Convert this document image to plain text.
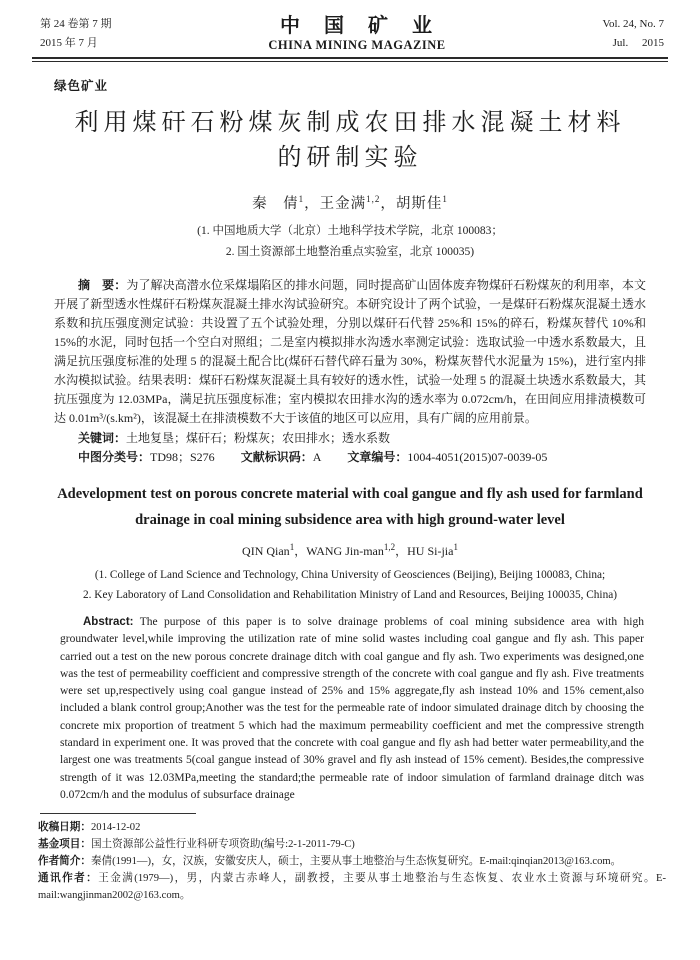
第 24 卷第 7 期
2015 年 7 月
中　国　矿　业
CHINA MINING MAGAZINE
Vol. 24, No. 7
Jul.　 2015
绿色矿业
利用煤矸石粉煤灰制成农田排水混凝土材料
的研制实验
秦　倩$^1$，王金满$^{1,2}$，胡斯佳$^1$
(1. 中国地质大学（北京）土地科学技术学院，北京 100083；
2. 国土资源部土地整治重点实验室，北京 100035)

摘　要：为了解决高潜水位采煤塌陷区的排水问题，同时提高矿山固体废弃物煤矸石粉煤灰的利用率，本文开展了新型透水性煤矸石粉煤灰混凝土排水沟试验研究。本研究设计了两个试验，一是煤矸石粉煤灰混凝土透水系数和抗压强度测定试验：共设置了五个试验处理，分别以煤矸石代替 25%和 15%的碎石，粉煤灰替代 10%和 15%的水泥，同时包括一个空白对照组；二是室内模拟排水沟透水率测定试验：选取试验一中透水系数最大，且满足抗压强度标准的处理 5 的混凝土配合比(煤矸石替代碎石量为 30%，粉煤灰替代水泥量为 15%)，进行室内排水沟模拟试验。结果表明：煤矸石粉煤灰混凝土具有较好的透水性，试验一处理 5 的混凝土块透水系数最大，其抗压强度为 12.03MPa，满足抗压强度标准；室内模拟农田排水沟的透水率为 0.072cm/h，在田间应用排渍模数可达 0.01m³/(s.km²)，该混凝土在排渍模数不大于该值的地区可以应用，具有广阔的应用前景。

关键词：土地复垦；煤矸石；粉煤灰；农田排水；透水系数
中图分类号：TD98；S276 文献标识码：A 文章编号：1004-4051(2015)07-0039-05
Adevelopment test on porous concrete material with coal gangue and fly ash used for farmland drainage in coal mining subsidence area with high ground-water level
QIN Qian$^1$，WANG Jin-man$^{1,2}$，HU Si-jia$^1$
(1. College of Land Science and Technology, China University of Geosciences (Beijing), Beijing 100083, China;
2. Key Laboratory of Land Consolidation and Rehabilitation Ministry of Land and Resources, Beijing 100035, China)

Abstract: The purpose of this paper is to solve drainage problems of coal mining subsidence area with high groundwater level,while improving the utilization rate of mine solid wastes including coal gangue and fly ash. This paper carried out a test on the new porous concrete drainage ditch with coal gangue and fly ash. Two experiments was designed,one was the test of permeability coefficient and compressive strength of the concrete with coal gangue and fly ash. Five treatments were set up,respectively using coal gangue instead of 25% and 15% aggregate,fly ash instead 10% and 15% cement,also included a blank control group;Another was the test for the permeable rate of indoor simulated drainage ditch by choosing the concrete mix proportion of treatment 5 which had the maximum permeability coefficient and met the compressive strength standard in experiment one. It was proved that the concrete with coal gangue and fly ash had better water permeability,and the largest one was treatments 5(coal gangue instead of 30% gravel and fly ash instead of 15% cement). Besides,the compressive strength of it was 12.03MPa,meeting the standard;the permeable rate of indoor simulation of farmland drainage ditch was 0.072cm/h and the modulus of subsurface drainage

收稿日期：2014-12-02
基金项目：国土资源部公益性行业科研专项资助(编号:2-1-2011-79-C)
作者简介：秦倩(1991—)，女，汉族，安徽安庆人，硕士，主要从事土地整治与生态恢复研究。E-mail:qinqian2013@163.com。
通讯作者：王金满(1979—)，男，内蒙古赤峰人，副教授，主要从事土地整治与生态恢复、农业水土资源与环境研究。E-mail:wangjinman2002@163.com。
